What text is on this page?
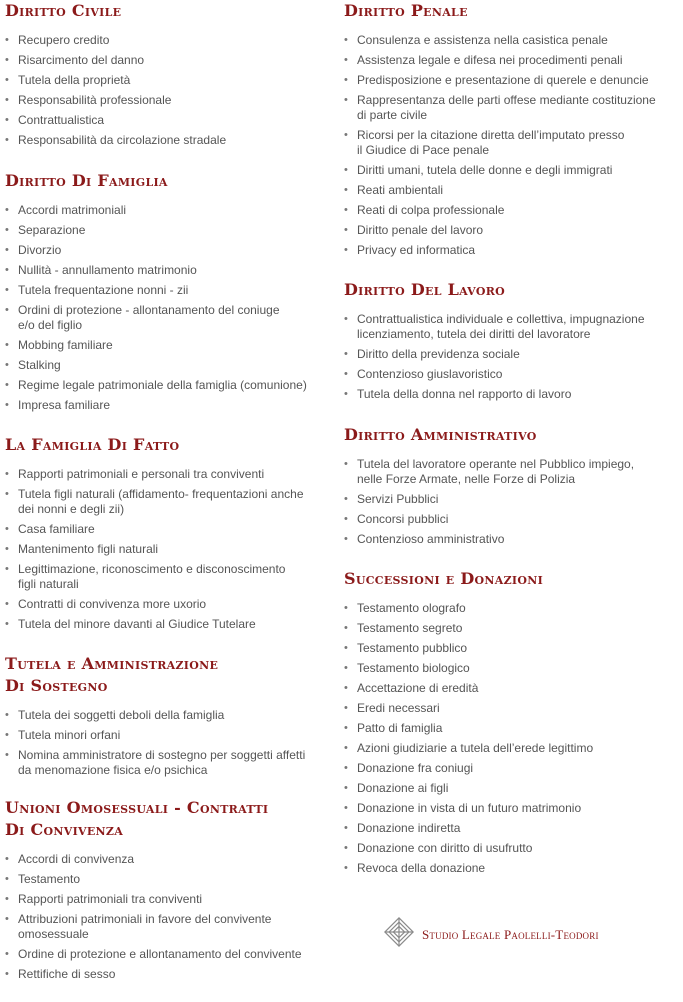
Diritto Civile
• Recupero credito
• Risarcimento del danno
• Tutela della proprietà
• Responsabilità professionale
• Contrattualistica
• Responsabilità da circolazione stradale
Diritto Di Famiglia
• Accordi matrimoniali
• Separazione
• Divorzio
• Nullità - annullamento matrimonio
• Tutela frequentazione nonni - zii
• Ordini di protezione - allontanamento del coniuge
e/o del figlio
• Mobbing familiare
• Stalking
• Regime legale patrimoniale della famiglia (comunione)
• Impresa familiare
La Famiglia Di Fatto
• Rapporti patrimoniali e personali tra conviventi
• Tutela figli naturali (affidamento- frequentazioni anche
dei nonni e degli zii)
• Casa familiare
• Mantenimento figli naturali
• Legittimazione, riconoscimento e disconoscimento
figli naturali
• Contratti di convivenza more uxorio
• Tutela del minore davanti al Giudice Tutelare
Tutela e Amministrazione
Di Sostegno
• Tutela dei soggetti deboli della famiglia
• Tutela minori orfani
• Nomina amministratore di sostegno per soggetti affetti
da menomazione fisica e/o psichica
Unioni Omosessuali - Contratti
Di Convivenza
• Accordi di convivenza
• Testamento
• Rapporti patrimoniali tra conviventi
• Attribuzioni patrimoniali in favore del convivente
omosessuale
• Ordine di protezione e allontanamento del convivente
• Rettifiche di sesso
Diritto Penale
• Consulenza e assistenza nella casistica penale
• Assistenza legale e difesa nei procedimenti penali
• Predisposizione e presentazione di querele e denuncie
• Rappresentanza delle parti offese mediante costituzione
di parte civile
• Ricorsi per la citazione diretta dell’imputato presso
il Giudice di Pace penale
• Diritti umani, tutela delle donne e degli immigrati
• Reati ambientali
• Reati di colpa professionale
• Diritto penale del lavoro
• Privacy ed informatica
Diritto Del Lavoro
• Contrattualistica individuale e collettiva, impugnazione
licenziamento, tutela dei diritti del lavoratore
• Diritto della previdenza sociale
• Contenzioso giuslavoristico
• Tutela della donna nel rapporto di lavoro
Diritto Amministrativo
• Tutela del lavoratore operante nel Pubblico impiego,
nelle Forze Armate, nelle Forze di Polizia
• Servizi Pubblici
• Concorsi pubblici
• Contenzioso amministrativo
Successioni e Donazioni
• Testamento olografo
• Testamento segreto
• Testamento pubblico
• Testamento biologico
• Accettazione di eredità
• Eredi necessari
• Patto di famiglia
• Azioni giudiziarie a tutela dell’erede legittimo
• Donazione fra coniugi
• Donazione ai figli
• Donazione in vista di un futuro matrimonio
• Donazione indiretta
• Donazione con diritto di usufrutto
• Revoca della donazione
Studio Legale Paolelli-Teodori
